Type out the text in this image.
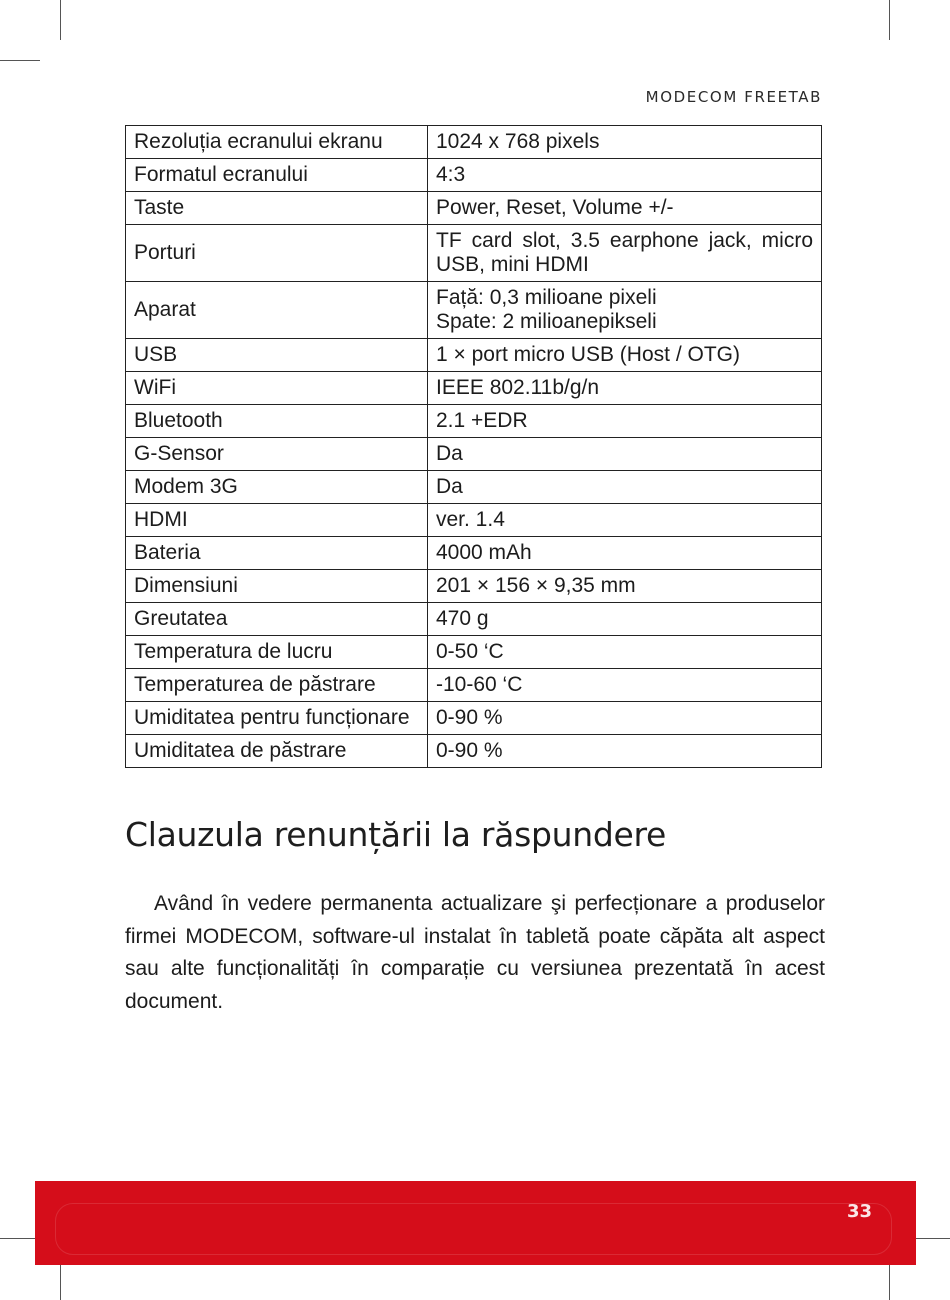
MODECOM FREETAB
Rezoluția ecranului ekranu	1024 x 768 pixels
Formatul ecranului	4:3
Taste	Power, Reset, Volume +/-
Porturi	TF card slot, 3.5 earphone jack, micro USB, mini HDMI
Aparat	Față: 0,3 milioane pixeli
Spate: 2 milioanepikseli

USB	1 × port micro USB (Host / OTG)
WiFi	IEEE 802.11b/g/n
Bluetooth	2.1 +EDR
G-Sensor	Da
Modem 3G	Da
HDMI	ver. 1.4
Bateria	4000 mAh
Dimensiuni	201 × 156 × 9,35 mm
Greutatea	470 g
Temperatura de lucru	0-50 ‘C
Temperaturea de păstrare	-10-60 ‘C
Umiditatea pentru funcționare	0-90 %
Umiditatea de păstrare	0-90 %
Clauzula renunțării la răspundere

Având în vedere permanenta actualizare şi perfecționare a produselor firmei MODECOM, software-ul instalat în tabletă poate căpăta alt aspect sau alte funcționalități în comparație cu versiunea prezentată în acest document.

33
